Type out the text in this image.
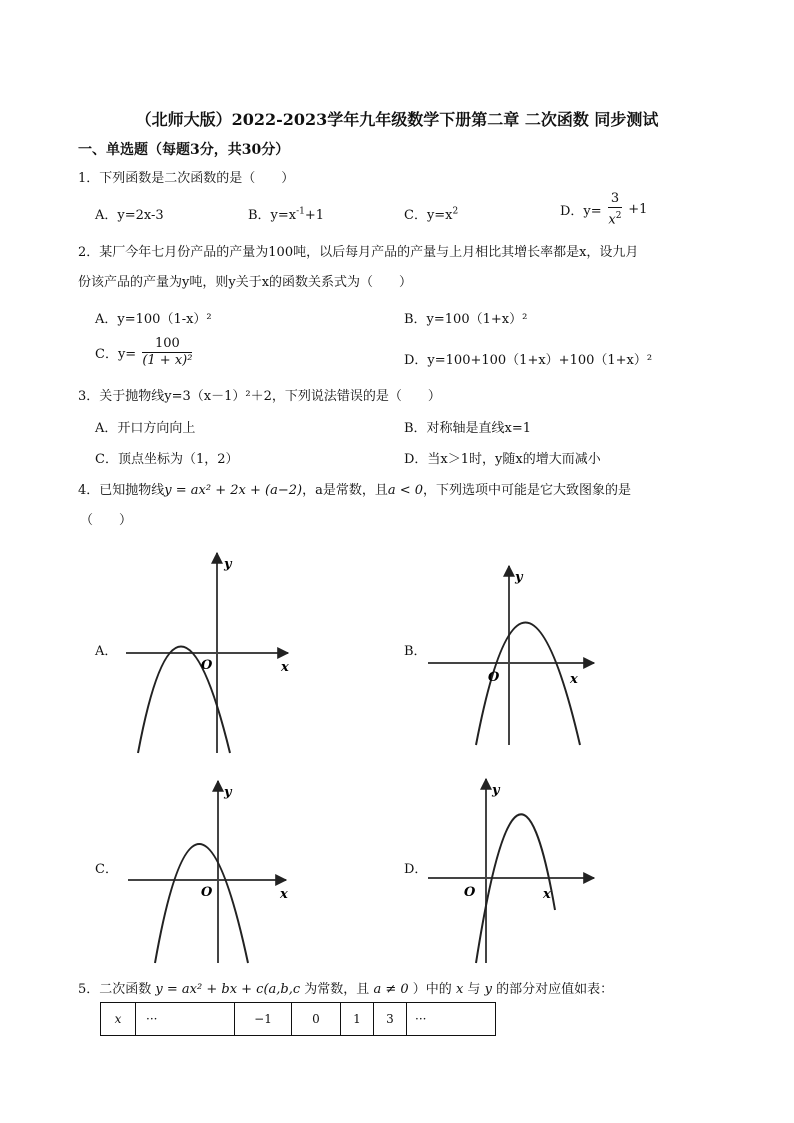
（北师大版）2022-2023学年九年级数学下册第二章 二次函数 同步测试
一、单选题（每题3分，共30分）
1．下列函数是二次函数的是（　　）
A．y=2x-3	B．$y=x^{-1}+1$	C．$y=x^2$	D．$y= \frac{3}{x^2} +1$
2．某厂今年七月份产品的产量为100吨，以后每月产品的产量与上月相比其增长率都是x，设九月
份该产品的产量为y吨，则y关于x的函数关系式为（　　）
A．y=100（1-x）²	B．y=100（1+x）²
C．$y= \frac{100}{\text{(1 + x)²}}$	D．y=100+100（1+x）+100（1+x）²
3．关于抛物线y=3（x－1）²＋2，下列说法错误的是（　　）
A．开口方向向上	B．对称轴是直线x=1
C．顶点坐标为（1，2）	D．当x＞1时，y随x的增大而减小
4．已知抛物线y = ax² + 2x + (a−2)，a是常数，且a < 0，下列选项中可能是它大致图象的是
（　　）
A．	B．
C．	D．
y
x
O
y
x
O
y
x
O
y
x
O
5．二次函数 y = ax² + bx + c(a,b,c 为常数，且 a ≠ 0 ）中的 x 与 y 的部分对应值如表：
x	···	−1	0	1	3	···
